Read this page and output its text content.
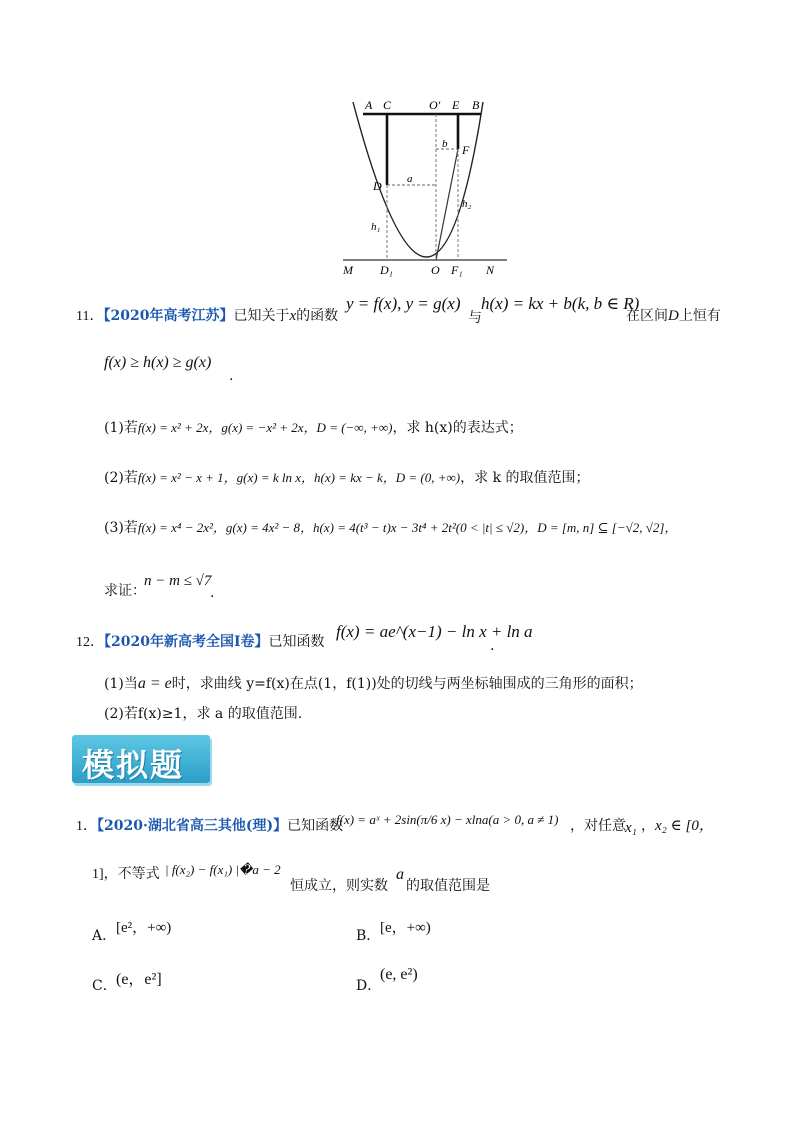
A C	O′ E B
b F
D a
h₂
h₁
M D₁	O F₁ N
11．【2020年高考江苏】已知关于x的函数
y = f(x), y = g(x)
与
h(x) = kx + b(k, b ∈ R)
在区间D上恒有
f(x) ≥ h(x) ≥ g(x)
.
(1)若f(x) = x² + 2x，g(x) = −x² + 2x，D = (−∞, +∞)，求 h(x)的表达式；
(2)若f(x) = x² − x + 1，g(x) = k ln x，h(x) = kx − k，D = (0, +∞)，求 k 的取值范围；
(3)若f(x) = x⁴ − 2x²，g(x) = 4x² − 8，h(x) = 4(t³ − t)x − 3t⁴ + 2t²(0 < |t| ≤ √2)，D = [m, n] ⊆ [−√2, √2]，
求证：
n − m ≤ √7
.
12．【2020年新高考全国Ⅰ卷】已知函数
f(x) = ae^(x−1) − ln x + ln a
.
(1)当a = e时，求曲线 y=f(x)在点(1，f(1))处的切线与两坐标轴围成的三角形的面积；
(2)若f(x)≥1，求 a 的取值范围.
模拟题
1．【2020·湖北省高三其他(理)】已知函数
f(x) = aˣ + 2sin(π/6 x) − xlna(a > 0, a ≠ 1) ，对任意 x₁ ， x₂ ∈ [0，
1]，不等式 | f(x₂) − f(x₁) |�a − 2
恒成立，则实数
a
的取值范围是
A． [e²，+∞)	B． [e，+∞)
C． (e，e²]	D．
(e, e²)
